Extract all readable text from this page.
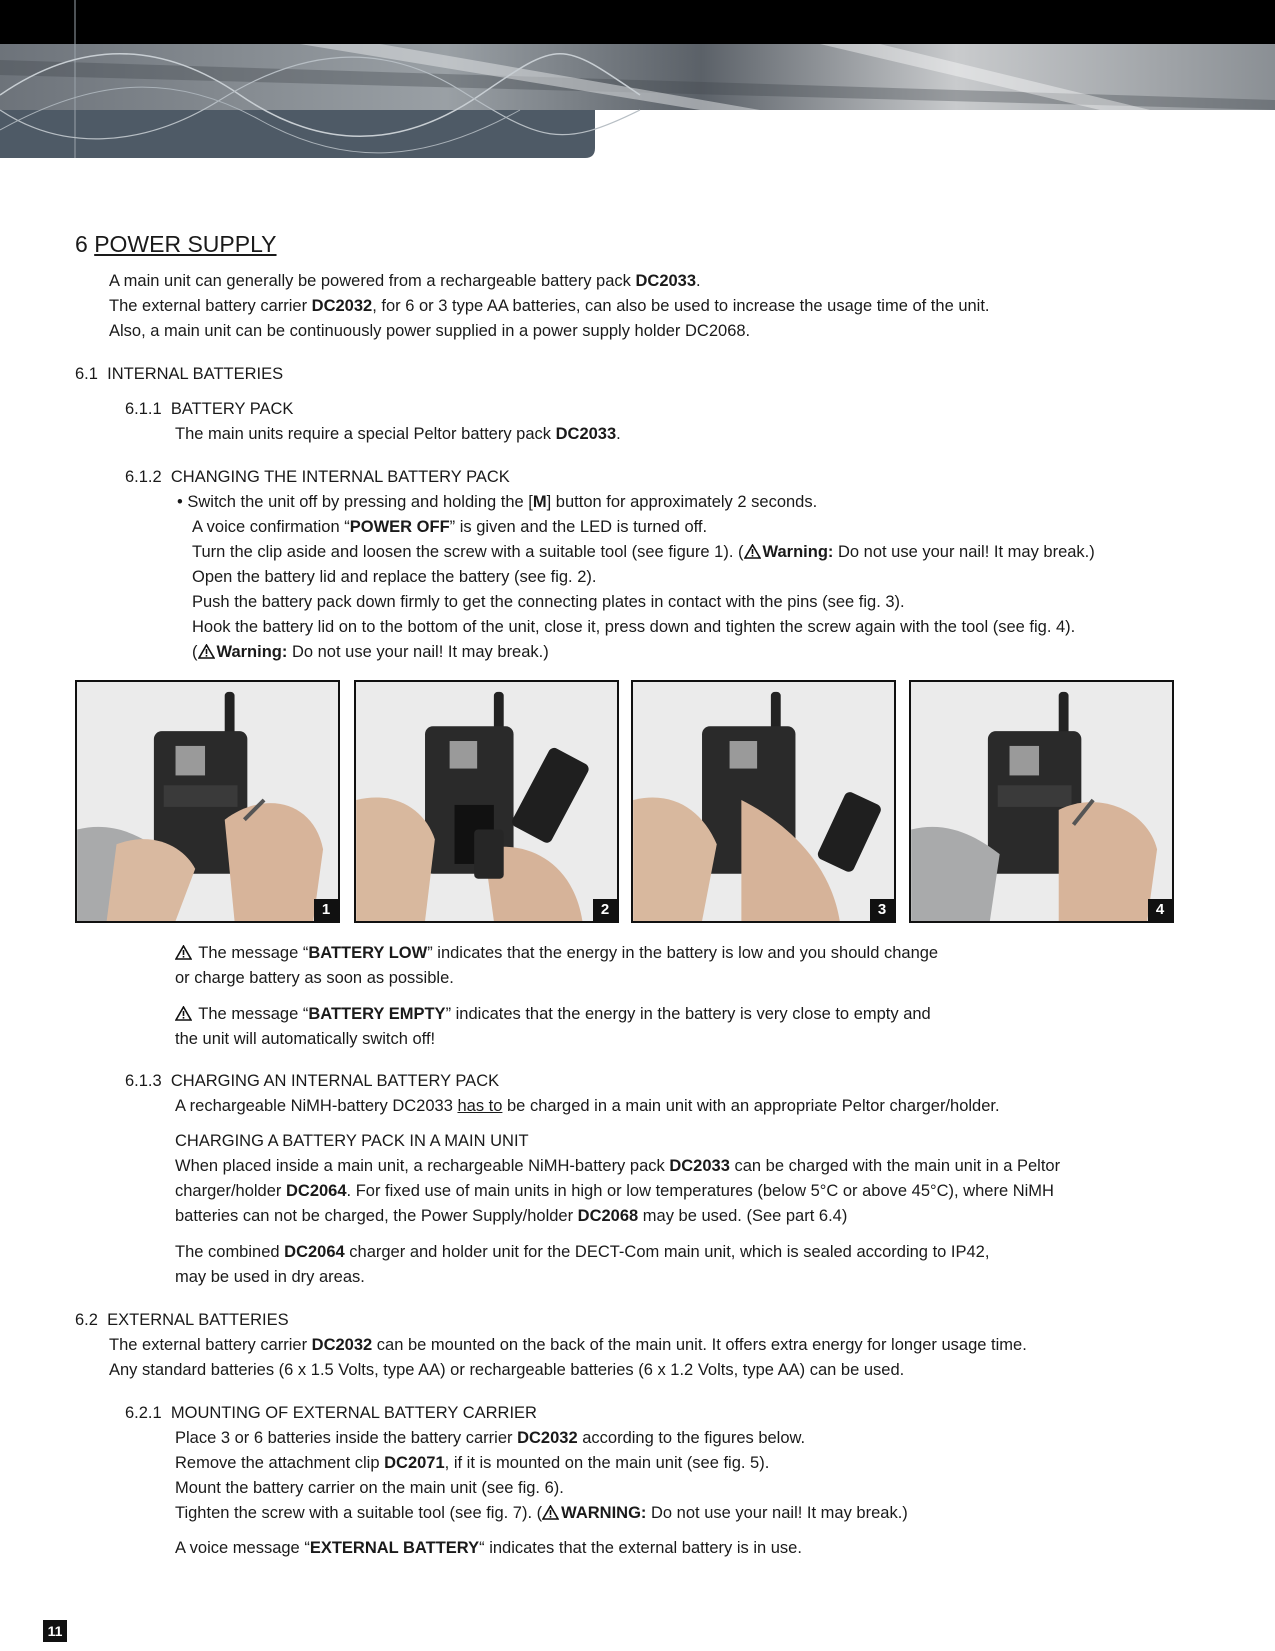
6 POWER SUPPLY
A main unit can generally be powered from a rechargeable battery pack DC2033.
The external battery carrier DC2032, for 6 or 3 type AA batteries, can also be used to increase the usage time of the unit.
Also, a main unit can be continuously power supplied in a power supply holder DC2068.
6.1 INTERNAL BATTERIES
6.1.1 BATTERY PACK
The main units require a special Peltor battery pack DC2033.
6.1.2 CHANGING THE INTERNAL BATTERY PACK
• Switch the unit off by pressing and holding the [M] button for approximately 2 seconds.
A voice confirmation “POWER OFF” is given and the LED is turned off.
Turn the clip aside and loosen the screw with a suitable tool (see figure 1). ( Warning: Do not use your nail! It may break.)
Open the battery lid and replace the battery (see fig. 2).
Push the battery pack down firmly to get the connecting plates in contact with the pins (see fig. 3).
Hook the battery lid on to the bottom of the unit, close it, press down and tighten the screw again with the tool (see fig. 4).
( Warning: Do not use your nail! It may break.)
1	2	3	4
The message “BATTERY LOW” indicates that the energy in the battery is low and you should change
or charge battery as soon as possible.
The message “BATTERY EMPTY” indicates that the energy in the battery is very close to empty and
the unit will automatically switch off!
6.1.3 CHARGING AN INTERNAL BATTERY PACK
A rechargeable NiMH-battery DC2033 has to be charged in a main unit with an appropriate Peltor charger/holder.
CHARGING A BATTERY PACK IN A MAIN UNIT
When placed inside a main unit, a rechargeable NiMH-battery pack DC2033 can be charged with the main unit in a Peltor
charger/holder DC2064. For fixed use of main units in high or low temperatures (below 5°C or above 45°C), where NiMH
batteries can not be charged, the Power Supply/holder DC2068 may be used. (See part 6.4)
The combined DC2064 charger and holder unit for the DECT-Com main unit, which is sealed according to IP42,
may be used in dry areas.
6.2 EXTERNAL BATTERIES
The external battery carrier DC2032 can be mounted on the back of the main unit. It offers extra energy for longer usage time.
Any standard batteries (6 x 1.5 Volts, type AA) or rechargeable batteries (6 x 1.2 Volts, type AA) can be used.
6.2.1 MOUNTING OF EXTERNAL BATTERY CARRIER
Place 3 or 6 batteries inside the battery carrier DC2032 according to the figures below.
Remove the attachment clip DC2071, if it is mounted on the main unit (see fig. 5).
Mount the battery carrier on the main unit (see fig. 6).
Tighten the screw with a suitable tool (see fig. 7). ( WARNING: Do not use your nail! It may break.)
A voice message “EXTERNAL BATTERY“ indicates that the external battery is in use.
11
